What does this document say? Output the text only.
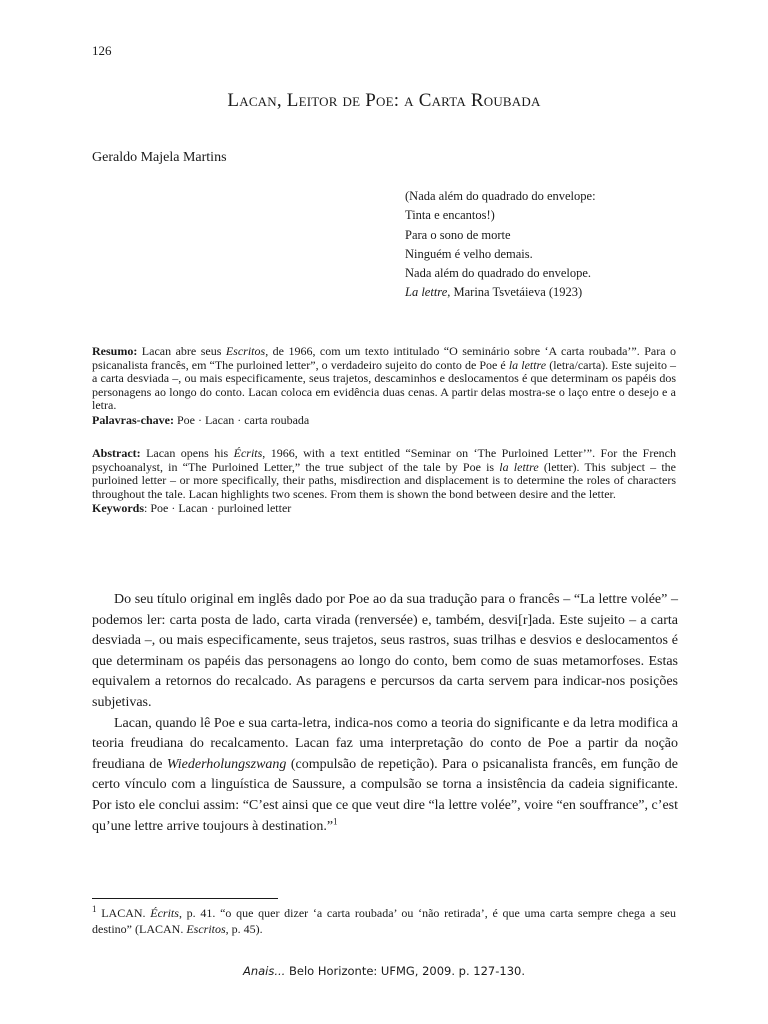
126
Lacan, Leitor de Poe: a Carta Roubada
Geraldo Majela Martins
(Nada além do quadrado do envelope:
Tinta e encantos!)
Para o sono de morte
Ninguém é velho demais.
Nada além do quadrado do envelope.
La lettre, Marina Tsvetáieva (1923)
Resumo: Lacan abre seus Escritos, de 1966, com um texto intitulado “O seminário sobre ‘A carta roubada’”. Para o psicanalista francês, em “The purloined letter”, o verdadeiro sujeito do conto de Poe é la lettre (letra/carta). Este sujeito – a carta desviada –, ou mais especificamente, seus trajetos, descaminhos e deslocamentos é que determinam os papéis dos personagens ao longo do conto. Lacan coloca em evidência duas cenas. A partir delas mostra-se o laço entre o desejo e a letra.
Palavras-chave: Poe · Lacan · carta roubada
Abstract: Lacan opens his Écrits, 1966, with a text entitled “Seminar on ‘The Purloined Letter’”. For the French psychoanalyst, in “The Purloined Letter,” the true subject of the tale by Poe is la lettre (letter). This subject – the purloined letter – or more specifically, their paths, misdirection and displacement is to determine the roles of characters throughout the tale. Lacan highlights two scenes. From them is shown the bond between desire and the letter.
Keywords: Poe · Lacan · purloined letter

Do seu título original em inglês dado por Poe ao da sua tradução para o francês – “La lettre volée” – podemos ler: carta posta de lado, carta virada (renversée) e, também, desvi[r]ada. Este sujeito – a carta desviada –, ou mais especificamente, seus trajetos, seus rastros, suas trilhas e desvios e deslocamentos é que determinam os papéis das personagens ao longo do conto, bem como de suas metamorfoses. Estas equivalem a retornos do recalcado. As paragens e percursos da carta servem para indicar-nos posições subjetivas.

Lacan, quando lê Poe e sua carta-letra, indica-nos como a teoria do significante e da letra modifica a teoria freudiana do recalcamento. Lacan faz uma interpretação do conto de Poe a partir da noção freudiana de Wiederholungszwang (compulsão de repetição). Para o psicanalista francês, em função de certo vínculo com a linguística de Saussure, a compulsão se torna a insistência da cadeia significante. Por isto ele conclui assim: “C’est ainsi que ce que veut dire “la lettre volée”, voire “en souffrance”, c’est qu’une lettre arrive toujours à destination.”$^1$

$^1$ LACAN. Écrits, p. 41. “o que quer dizer ‘a carta roubada’ ou ‘não retirada’, é que uma carta sempre chega a seu destino” (LACAN. Escritos, p. 45).
Anais... Belo Horizonte: UFMG, 2009. p. 127-130.
